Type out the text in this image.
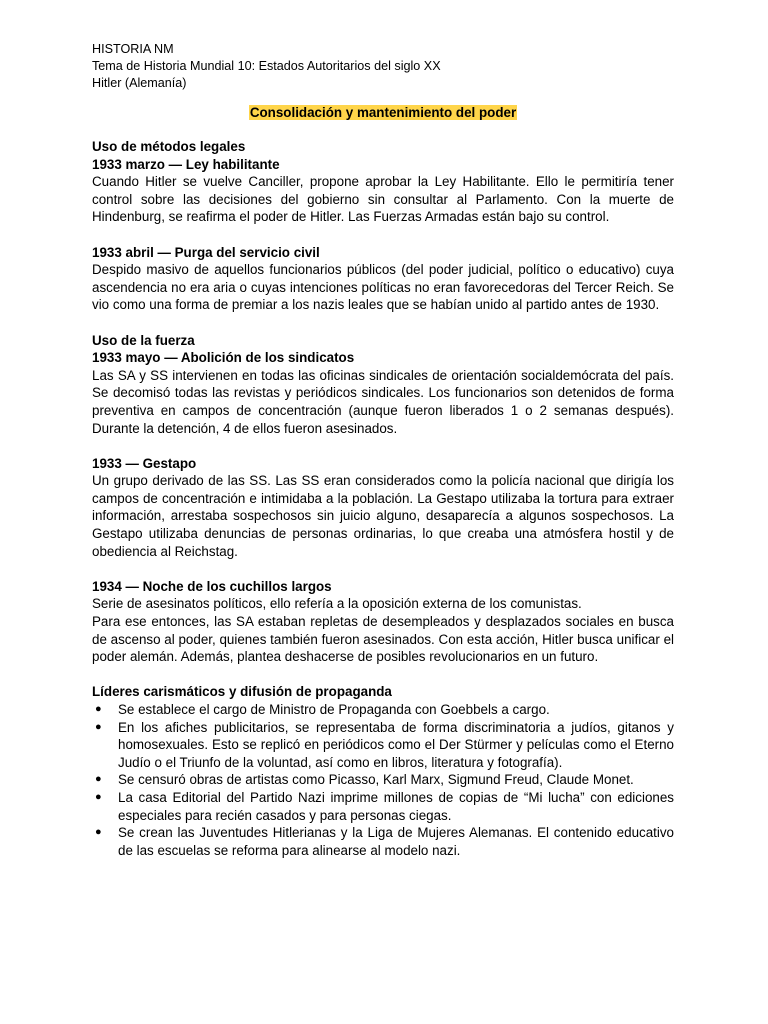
HISTORIA NM

Tema de Historia Mundial 10: Estados Autoritarios del siglo XX

Hitler (Alemanía)

Consolidación y mantenimiento del poder

Uso de métodos legales

1933 marzo — Ley habilitante

Cuando Hitler se vuelve Canciller, propone aprobar la Ley Habilitante. Ello le permitiría tener control sobre las decisiones del gobierno sin consultar al Parlamento. Con la muerte de Hindenburg, se reafirma el poder de Hitler. Las Fuerzas Armadas están bajo su control.

1933 abril — Purga del servicio civil

Despido masivo de aquellos funcionarios públicos (del poder judicial, político o educativo) cuya ascendencia no era aria o cuyas intenciones políticas no eran favorecedoras del Tercer Reich. Se vio como una forma de premiar a los nazis leales que se habían unido al partido antes de 1930.

Uso de la fuerza

1933 mayo — Abolición de los sindicatos

Las SA y SS intervienen en todas las oficinas sindicales de orientación socialdemócrata del país. Se decomisó todas las revistas y periódicos sindicales. Los funcionarios son detenidos de forma preventiva en campos de concentración (aunque fueron liberados 1 o 2 semanas después). Durante la detención, 4 de ellos fueron asesinados.

1933 — Gestapo

Un grupo derivado de las SS. Las SS eran considerados como la policía nacional que dirigía los campos de concentración e intimidaba a la población. La Gestapo utilizaba la tortura para extraer información, arrestaba sospechosos sin juicio alguno, desaparecía a algunos sospechosos. La Gestapo utilizaba denuncias de personas ordinarias, lo que creaba una atmósfera hostil y de obediencia al Reichstag.

1934 — Noche de los cuchillos largos

Serie de asesinatos políticos, ello refería a la oposición externa de los comunistas.

Para ese entonces, las SA estaban repletas de desempleados y desplazados sociales en busca de ascenso al poder, quienes también fueron asesinados. Con esta acción, Hitler busca unificar el poder alemán. Además, plantea deshacerse de posibles revolucionarios en un futuro.

Líderes carismáticos y difusión de propaganda

● Se establece el cargo de Ministro de Propaganda con Goebbels a cargo.
● En los afiches publicitarios, se representaba de forma discriminatoria a judíos, gitanos y homosexuales. Esto se replicó en periódicos como el Der Stürmer y películas como el Eterno Judío o el Triunfo de la voluntad, así como en libros, literatura y fotografía).
● Se censuró obras de artistas como Picasso, Karl Marx, Sigmund Freud, Claude Monet.
● La casa Editorial del Partido Nazi imprime millones de copias de “Mi lucha” con ediciones especiales para recién casados y para personas ciegas.
● Se crean las Juventudes Hitlerianas y la Liga de Mujeres Alemanas. El contenido educativo de las escuelas se reforma para alinearse al modelo nazi.
